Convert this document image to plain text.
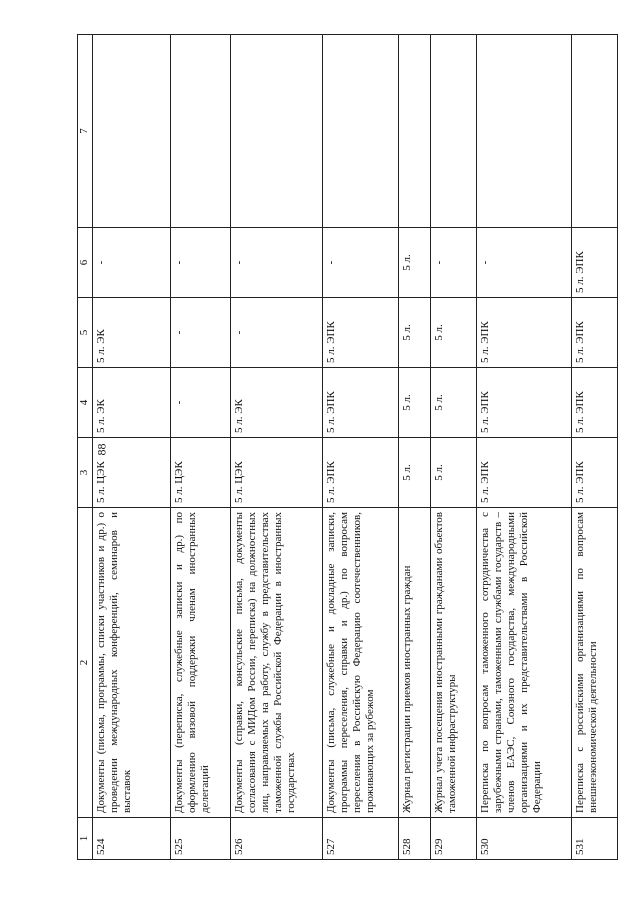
88
1	2	3	4	5	6	7
524	Документы (письма, программы, списки участников и др.) о проведении международных конференций, семинаров и выставок	5 л. ЦЭК	5 л. ЭК	5 л. ЭК	-	
525	Документы (переписка, служебные записки и др.) по оформлению визовой поддержки членам иностранных делегаций	5 л. ЦЭК	-	-	-	
526	Документы (справки, консульские письма, документы согласования с МИДом России, переписка) на должностных лиц, направляемых на работу, службу в представительствах таможенной службы Российской Федерации в иностранных государствах	5 л. ЦЭК	5 л. ЭК	-	-	
527	Документы (письма, служебные и докладные записки, программы переселения, справки и др.) по вопросам переселения в Российскую Федерацию соотечественников, проживающих за рубежом	5 л. ЭПК	5 л. ЭПК	5 л. ЭПК	-	
528	Журнал регистрации приемов иностранных граждан	5 л.	5 л.	5 л.	5 л.	
529	Журнал учета посещения иностранными гражданами объектов таможенной инфраструктуры	5 л.	5 л.	5 л.	-	
530	Переписка по вопросам таможенного сотрудничества с зарубежными странами, таможенными службами государств – членов ЕАЭС, Союзного государства, международными организациями и их представительствами в Российской Федерации	5 л. ЭПК	5 л. ЭПК	5 л. ЭПК	-	
531	Переписка с российскими организациями по вопросам внешнеэкономической деятельности	5 л. ЭПК	5 л. ЭПК	5 л. ЭПК	5 л. ЭПК	
